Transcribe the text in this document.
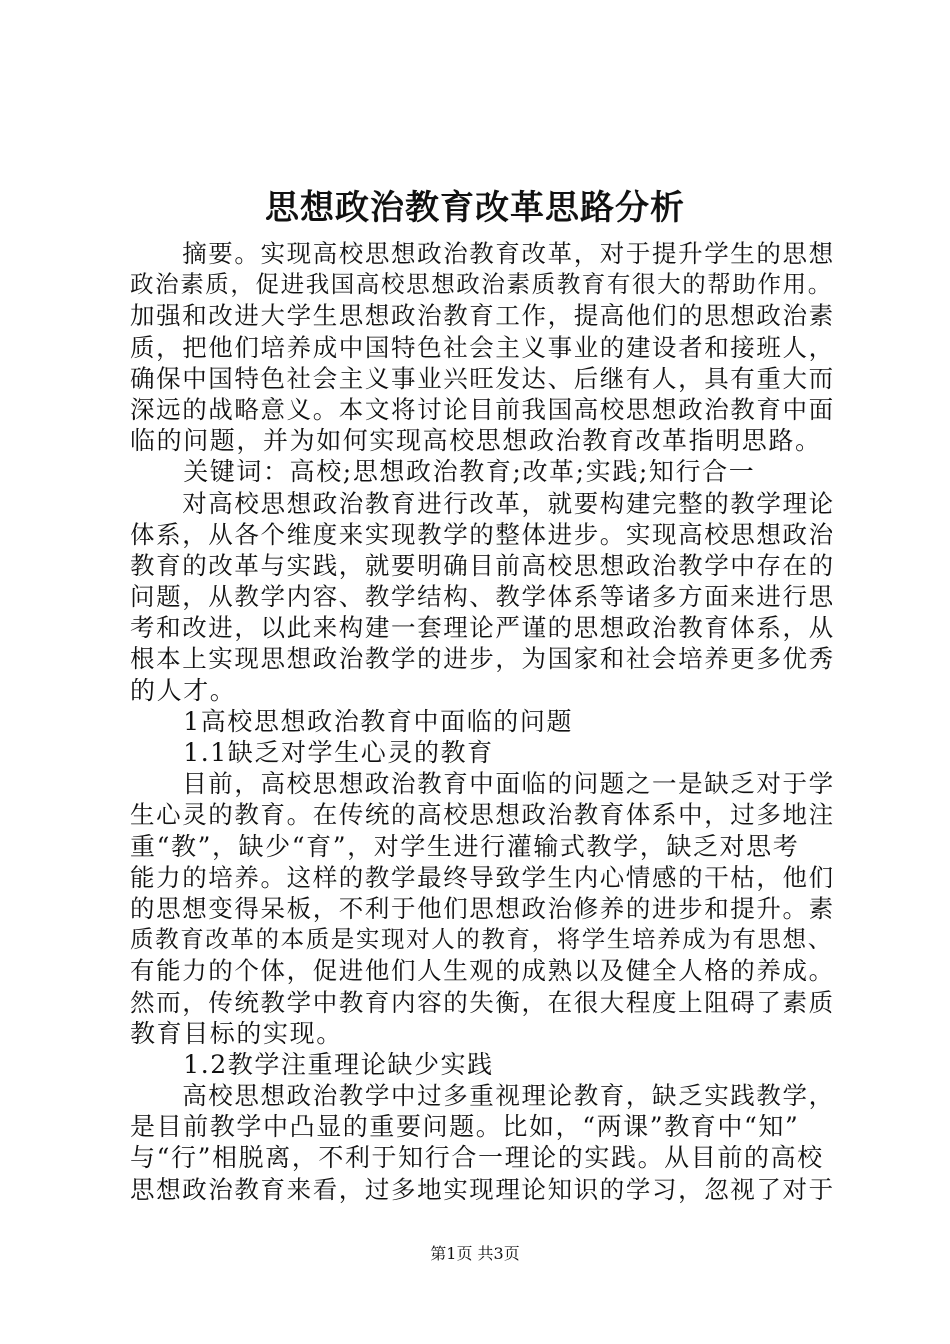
思想政治教育改革思路分析
　　摘要。实现高校思想政治教育改革，对于提升学生的思想
政治素质，促进我国高校思想政治素质教育有很大的帮助作用。
加强和改进大学生思想政治教育工作，提高他们的思想政治素
质，把他们培养成中国特色社会主义事业的建设者和接班人，
确保中国特色社会主义事业兴旺发达、后继有人，具有重大而
深远的战略意义。本文将讨论目前我国高校思想政治教育中面
临的问题，并为如何实现高校思想政治教育改革指明思路。
　　关键词：高校;思想政治教育;改革;实践;知行合一
　　对高校思想政治教育进行改革，就要构建完整的教学理论
体系，从各个维度来实现教学的整体进步。实现高校思想政治
教育的改革与实践，就要明确目前高校思想政治教学中存在的
问题，从教学内容、教学结构、教学体系等诸多方面来进行思
考和改进，以此来构建一套理论严谨的思想政治教育体系，从
根本上实现思想政治教学的进步，为国家和社会培养更多优秀
的人才。
　　1高校思想政治教育中面临的问题
　　1.1缺乏对学生心灵的教育
　　目前，高校思想政治教育中面临的问题之一是缺乏对于学
生心灵的教育。在传统的高校思想政治教育体系中，过多地注
重“教”，缺少“育”，对学生进行灌输式教学，缺乏对思考
能力的培养。这样的教学最终导致学生内心情感的干枯，他们
的思想变得呆板，不利于他们思想政治修养的进步和提升。素
质教育改革的本质是实现对人的教育，将学生培养成为有思想、
有能力的个体，促进他们人生观的成熟以及健全人格的养成。
然而，传统教学中教育内容的失衡，在很大程度上阻碍了素质
教育目标的实现。
　　1.2教学注重理论缺少实践
　　高校思想政治教学中过多重视理论教育，缺乏实践教学，
是目前教学中凸显的重要问题。比如，“两课”教育中“知”
与“行”相脱离，不利于知行合一理论的实践。从目前的高校
思想政治教育来看，过多地实现理论知识的学习，忽视了对于
第1页 共3页
